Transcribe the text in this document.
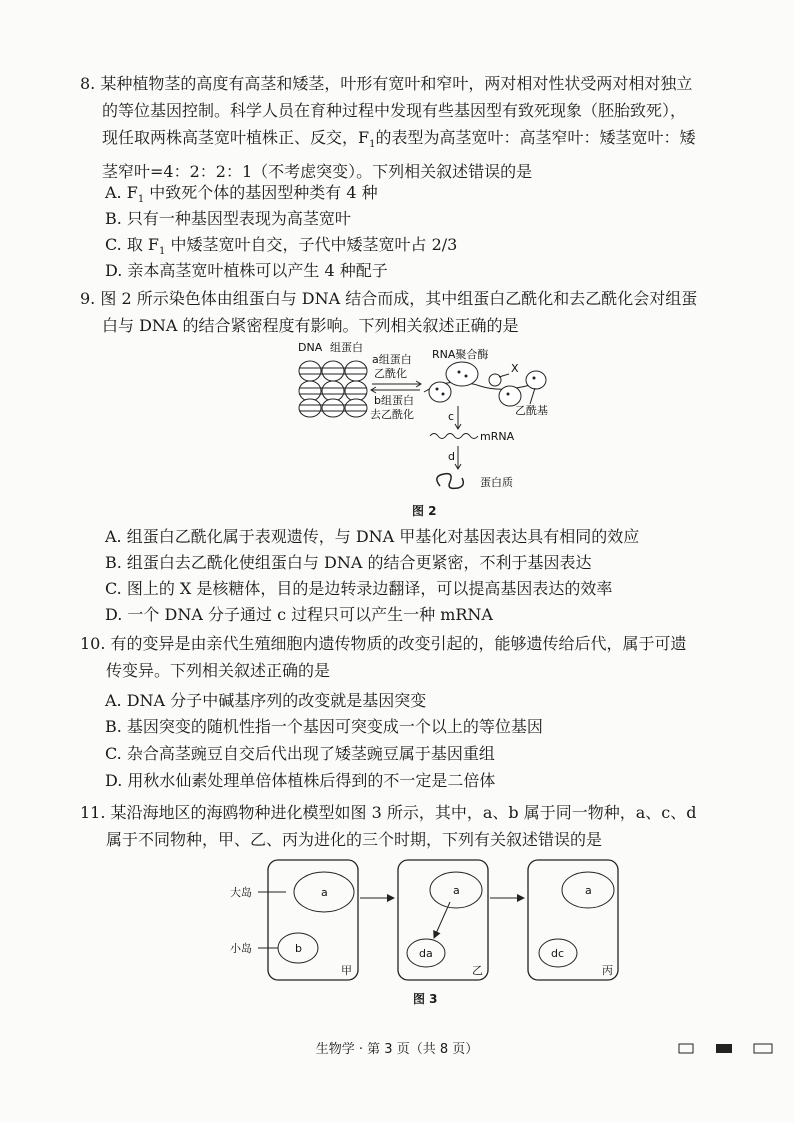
8. 某种植物茎的高度有高茎和矮茎，叶形有宽叶和窄叶，两对相对性状受两对相对独立
的等位基因控制。科学人员在育种过程中发现有些基因型有致死现象（胚胎致死），
现任取两株高茎宽叶植株正、反交，$F_1$的表型为高茎宽叶：高茎窄叶：矮茎宽叶：矮
茎窄叶=4：2：2：1（不考虑突变）。下列相关叙述错误的是
A. $F_1$ 中致死个体的基因型种类有 4 种
B. 只有一种基因型表现为高茎宽叶
C. 取 $F_1$ 中矮茎宽叶自交，子代中矮茎宽叶占 2/3
D. 亲本高茎宽叶植株可以产生 4 种配子
9. 图 2 所示染色体由组蛋白与 DNA 结合而成，其中组蛋白乙酰化和去乙酰化会对组蛋
白与 DNA 的结合紧密程度有影响。下列相关叙述正确的是
DNA 组蛋白
a组蛋白
乙酰化
b组蛋白
去乙酰化
RNA聚合酶
X
乙酰基
c
mRNA
d
蛋白质
图 2
A. 组蛋白乙酰化属于表观遗传，与 DNA 甲基化对基因表达具有相同的效应
B. 组蛋白去乙酰化使组蛋白与 DNA 的结合更紧密，不利于基因表达
C. 图上的 X 是核糖体，目的是边转录边翻译，可以提高基因表达的效率
D. 一个 DNA 分子通过 c 过程只可以产生一种 mRNA
10. 有的变异是由亲代生殖细胞内遗传物质的改变引起的，能够遗传给后代，属于可遗
传变异。下列相关叙述正确的是
A. DNA 分子中碱基序列的改变就是基因突变
B. 基因突变的随机性指一个基因可突变成一个以上的等位基因
C. 杂合高茎豌豆自交后代出现了矮茎豌豆属于基因重组
D. 用秋水仙素处理单倍体植株后得到的不一定是二倍体
11. 某沿海地区的海鸥物种进化模型如图 3 所示，其中，a、b 属于同一物种，a、c、d
属于不同物种，甲、乙、丙为进化的三个时期，下列有关叙述错误的是
大岛
小岛
a
b
甲
a
da
乙
a
dc
丙
图 3
生物学 · 第 3 页（共 8 页）
